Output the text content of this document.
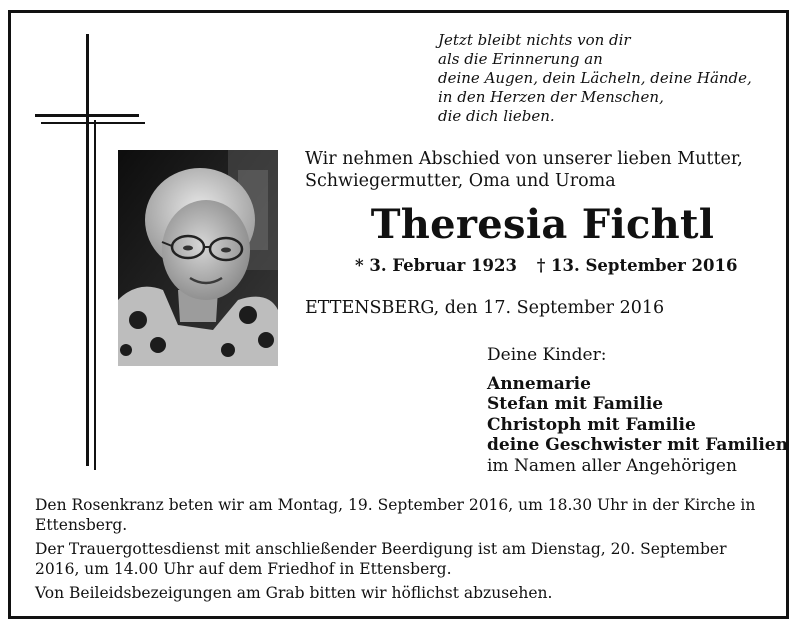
Jetzt bleibt nichts von dir
als die Erinnerung an
deine Augen, dein Lächeln, deine Hände,
in den Herzen der Menschen,
die dich lieben.
Wir nehmen Abschied von unserer lieben Mutter,
Schwiegermutter, Oma und Uroma
Theresia Fichtl
* 3. Februar 1923 † 13. September 2016
ETTENSBERG, den 17. September 2016
Deine Kinder:
Annemarie
Stefan mit Familie
Christoph mit Familie
deine Geschwister mit Familien
im Namen aller Angehörigen

Den Rosenkranz beten wir am Montag, 19. September 2016, um 18.30 Uhr in der Kirche in Ettensberg.

Der Trauergottesdienst mit anschließender Beerdigung ist am Dienstag, 20. September 2016, um 14.00 Uhr auf dem Friedhof in Ettensberg.

Von Beileidsbezeigungen am Grab bitten wir höflichst abzusehen.
